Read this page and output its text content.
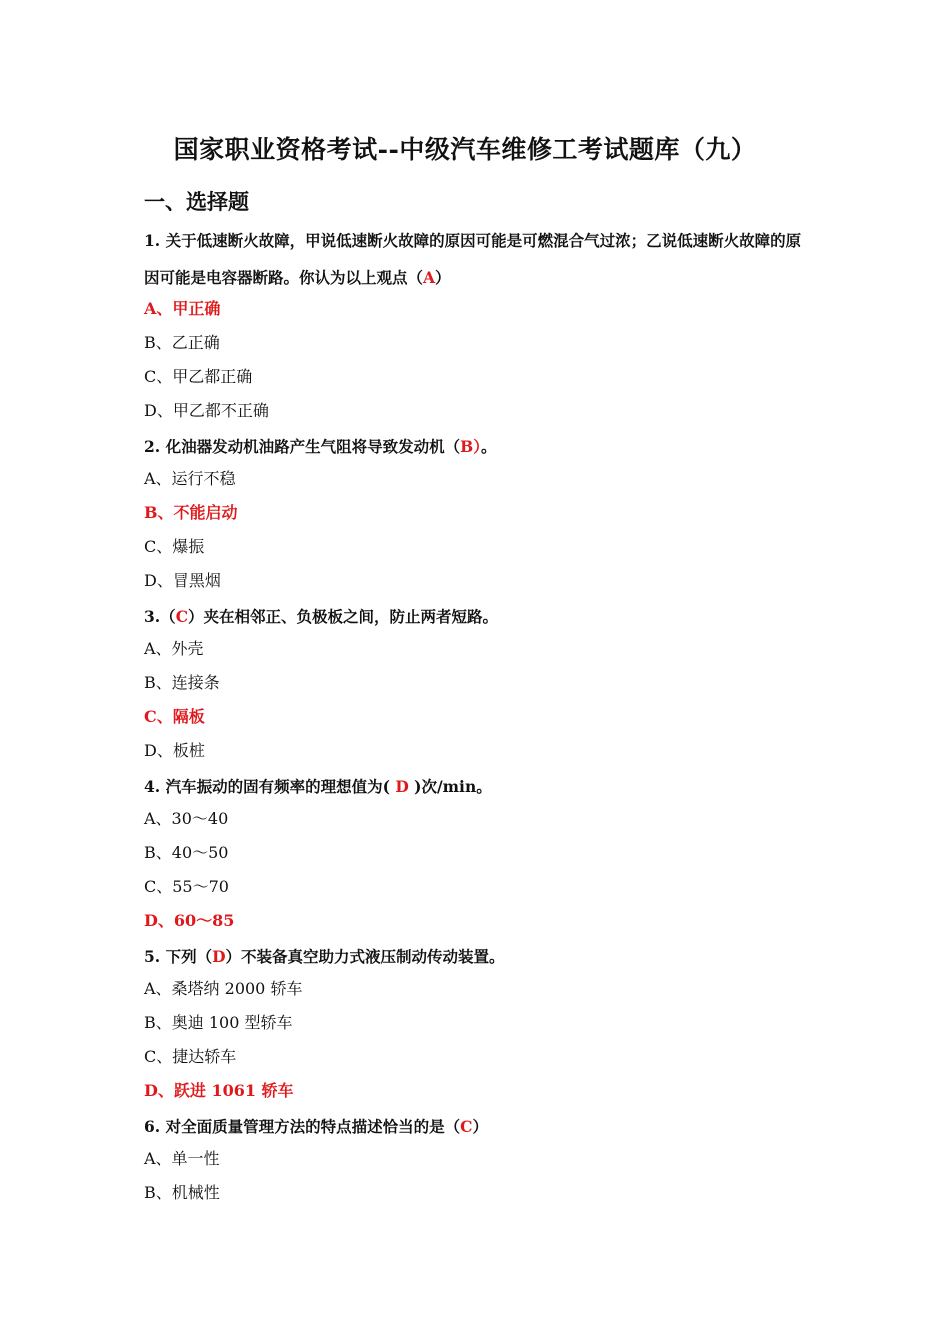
国家职业资格考试--中级汽车维修工考试题库（九）
一、选择题
1. 关于低速断火故障，甲说低速断火故障的原因可能是可燃混合气过浓；乙说低速断火故障的原因可能是电容器断路。你认为以上观点（A）
A、甲正确
B、乙正确
C、甲乙都正确
D、甲乙都不正确
2. 化油器发动机油路产生气阻将导致发动机（B）。
A、运行不稳
B、不能启动
C、爆振
D、冒黑烟
3.（C）夹在相邻正、负极板之间，防止两者短路。
A、外壳
B、连接条
C、隔板
D、板桩
4. 汽车振动的固有频率的理想值为( D )次/min。
A、30～40
B、40～50
C、55～70
D、60～85
5. 下列（D）不装备真空助力式液压制动传动装置。
A、桑塔纳 2000 轿车
B、奥迪 100 型轿车
C、捷达轿车
D、跃进 1061 轿车
6. 对全面质量管理方法的特点描述恰当的是（C）
A、单一性
B、机械性
